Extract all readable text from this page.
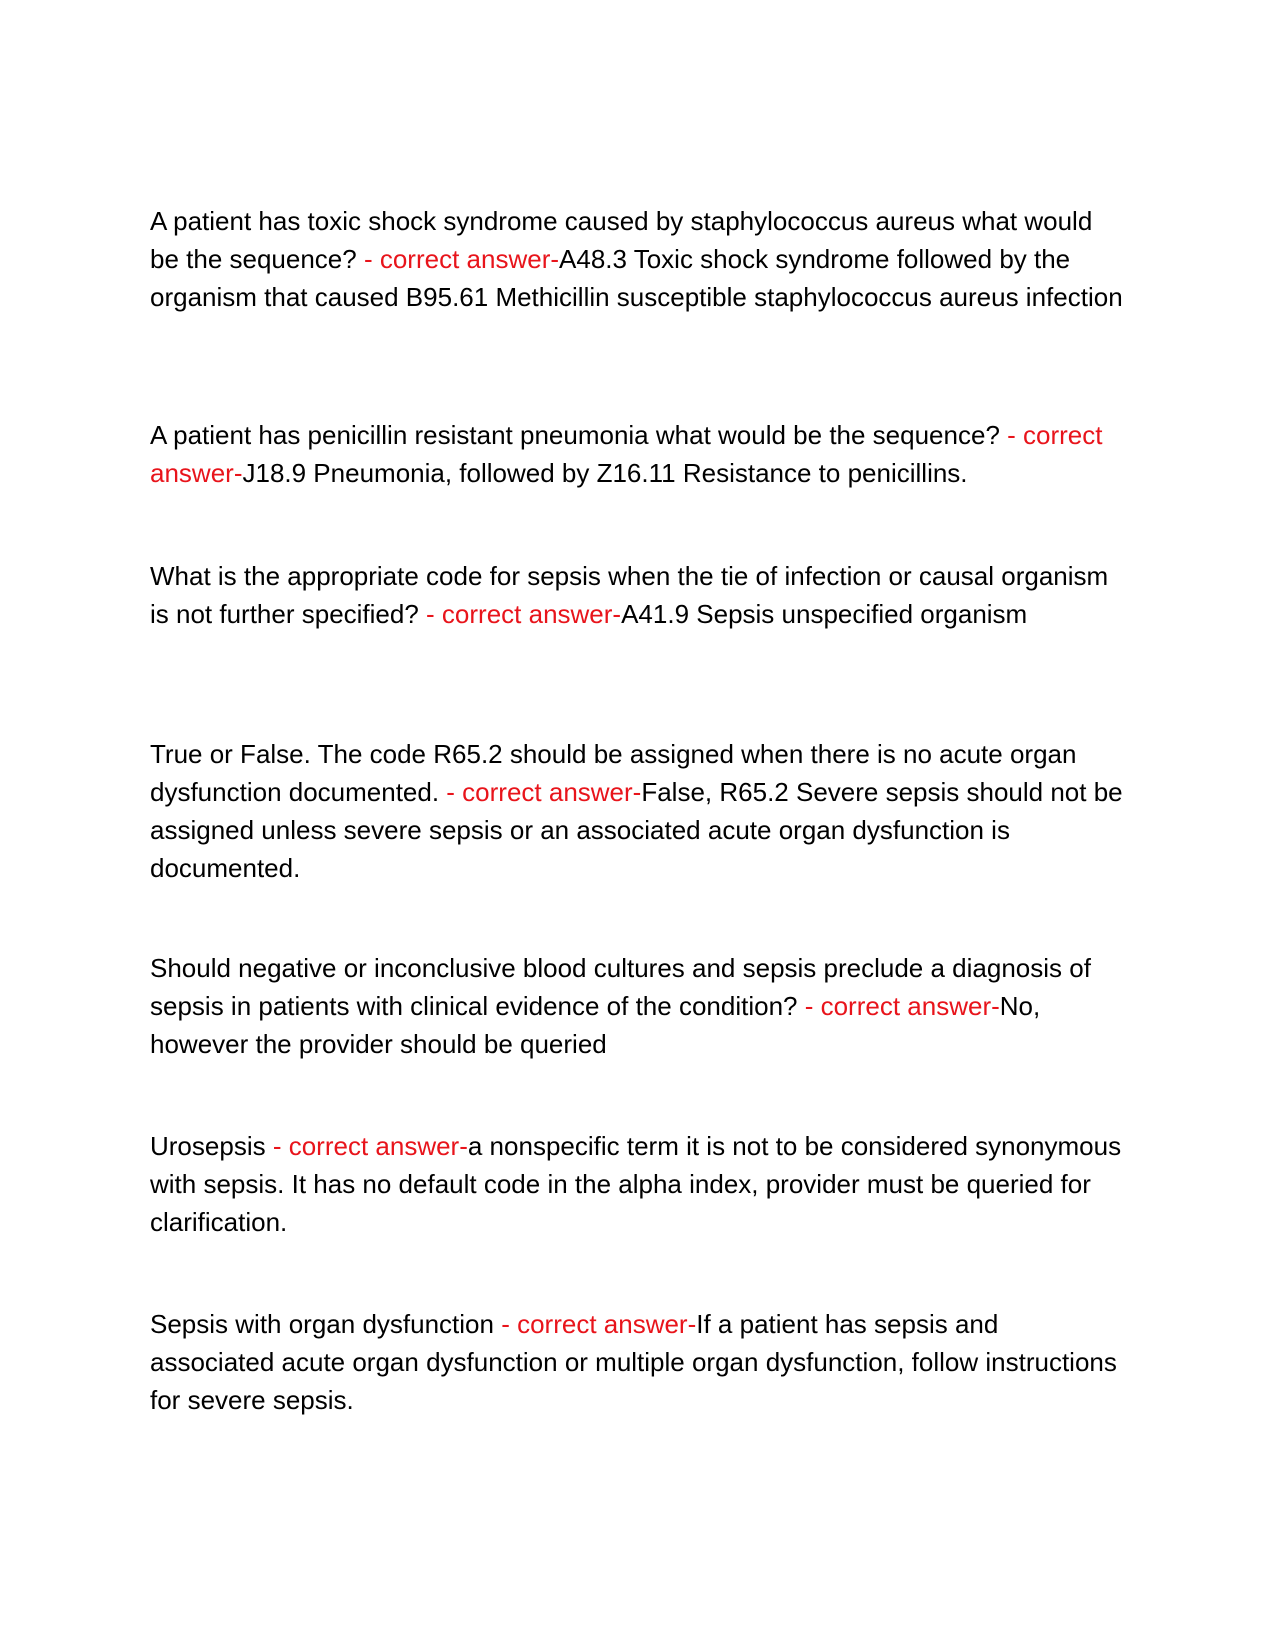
A patient has toxic shock syndrome caused by staphylococcus aureus what would be the sequence? - correct answer-A48.3 Toxic shock syndrome followed by the organism that caused B95.61 Methicillin susceptible staphylococcus aureus infection

A patient has penicillin resistant pneumonia what would be the sequence? - correct answer-J18.9 Pneumonia, followed by Z16.11 Resistance to penicillins.

What is the appropriate code for sepsis when the tie of infection or causal organism is not further specified? - correct answer-A41.9 Sepsis unspecified organism

True or False. The code R65.2 should be assigned when there is no acute organ dysfunction documented. - correct answer-False, R65.2 Severe sepsis should not be assigned unless severe sepsis or an associated acute organ dysfunction is documented.

Should negative or inconclusive blood cultures and sepsis preclude a diagnosis of sepsis in patients with clinical evidence of the condition? - correct answer-No, however the provider should be queried

Urosepsis - correct answer-a nonspecific term it is not to be considered synonymous with sepsis. It has no default code in the alpha index, provider must be queried for clarification.

Sepsis with organ dysfunction - correct answer-If a patient has sepsis and associated acute organ dysfunction or multiple organ dysfunction, follow instructions for severe sepsis.
